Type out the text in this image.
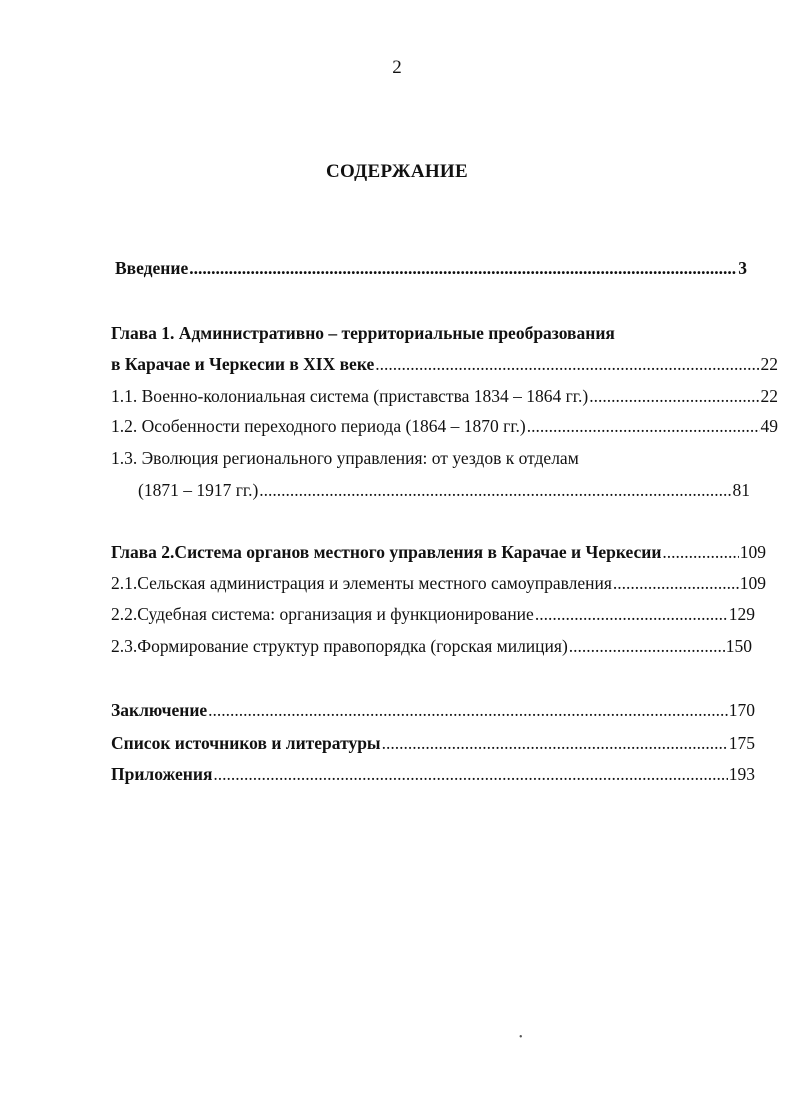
2
СОДЕРЖАНИЕ
Введение .....	3
Глава 1. Административно – территориальные преобразования
в Карачае и Черкесии в XIX веке .....	22
1.1. Военно-колониальная система (приставства 1834 – 1864 гг.) .....	22
1.2. Особенности переходного периода (1864 – 1870 гг.) .....	49
1.3. Эволюция регионального управления: от уездов к отделам
(1871 – 1917 гг.) .....	81
Глава 2.Система органов местного управления в Карачае и Черкесии .....	109
2.1.Сельская администрация и элементы местного самоуправления .....	109
2.2.Судебная система: организация и функционирование .....	129
2.3.Формирование структур правопорядка (горская милиция) .....	150
Заключение .....	170
Список источников и литературы .....	175
Приложения .....	193
•
